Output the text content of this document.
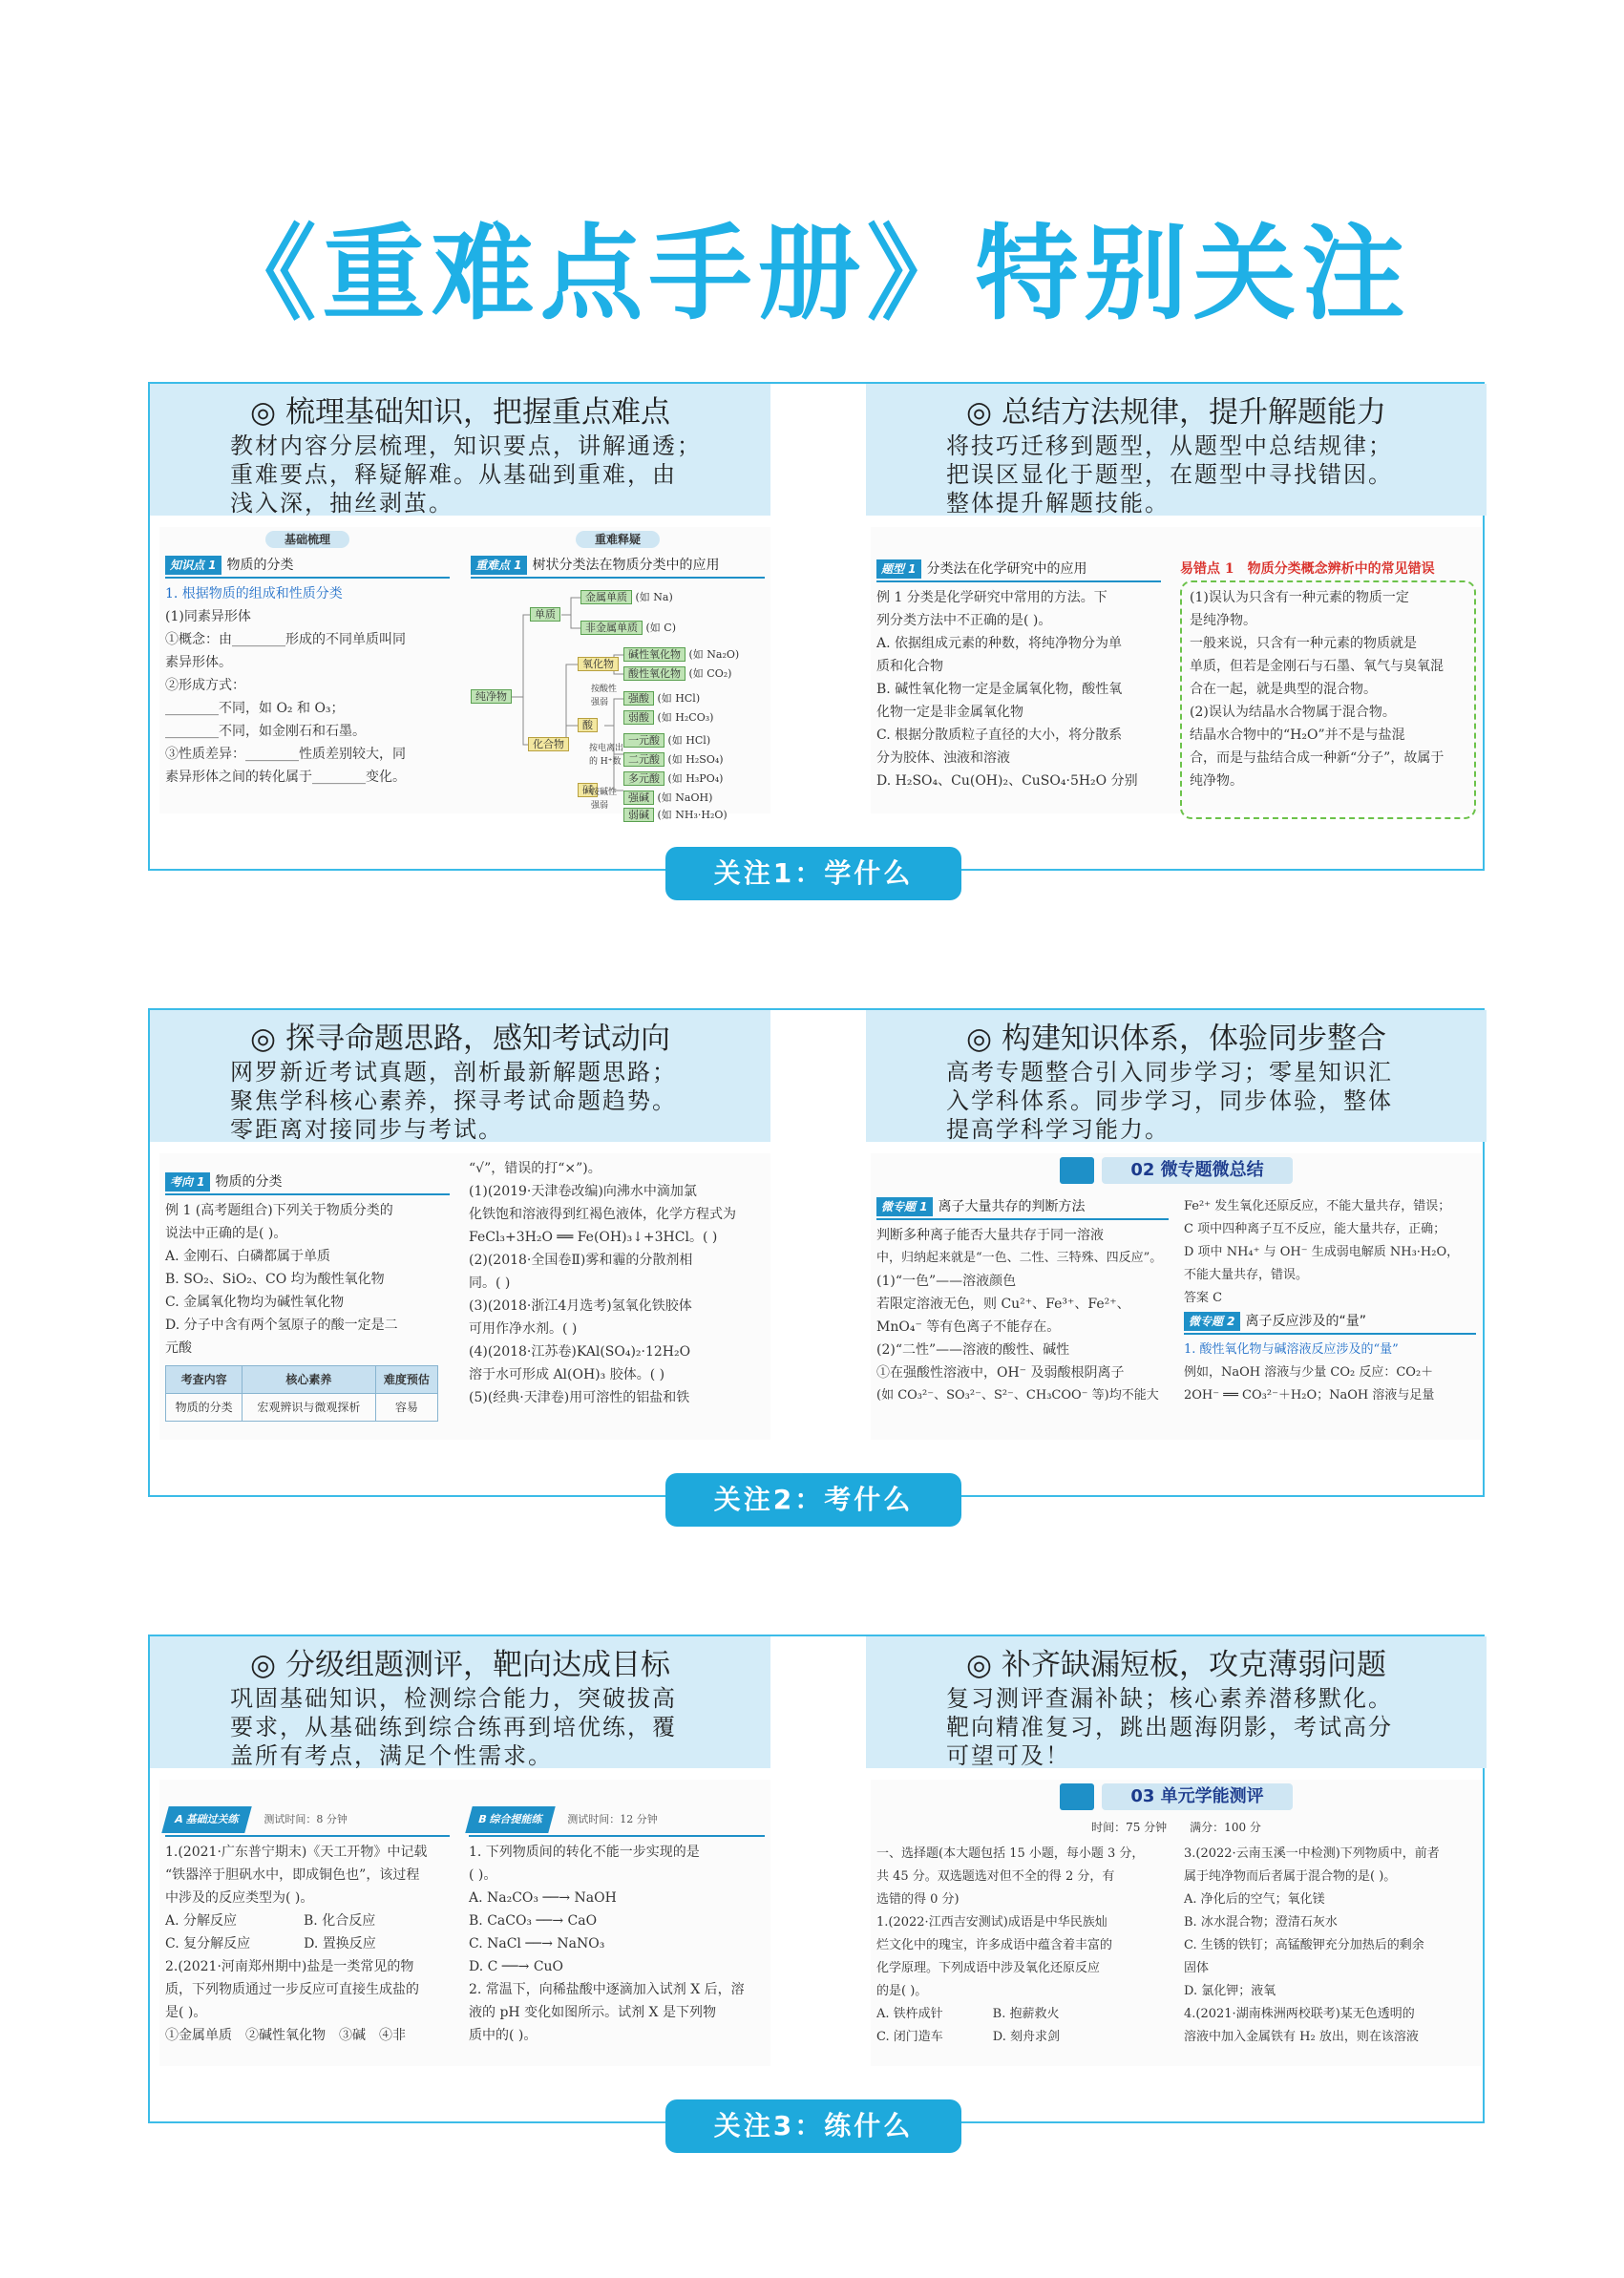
《重难点手册》特别关注
◎ 梳理基础知识，把握重点难点
教材内容分层梳理，知识要点，讲解通透；
重难要点，释疑解难。从基础到重难，由
浅入深，抽丝剥茧。
◎ 总结方法规律，提升解题能力
将技巧迁移到题型，从题型中总结规律；
把误区显化于题型，在题型中寻找错因。
整体提升解题技能。
基础梳理
知识点 1 物质的分类
1. 根据物质的组成和性质分类
(1)同素异形体
①概念：由________形成的不同单质叫同
素异形体。
②形成方式：
________不同，如 O₂ 和 O₃；
________不同，如金刚石和石墨。
③性质差异：________性质差别较大，同
素异形体之间的转化属于________变化。
重难释疑
重难点 1 树状分类法在物质分类中的应用
纯净物
单质
化合物
金属单质 (如 Na)
非金属单质 (如 C)
氧化物
碱性氧化物 (如 Na₂O)
酸性氧化物 (如 CO₂)
酸
强酸 (如 HCl)
弱酸 (如 H₂CO₃)
一元酸 (如 HCl)
二元酸 (如 H₂SO₄)
多元酸 (如 H₃PO₄)
碱
强碱 (如 NaOH)
弱碱 (如 NH₃·H₂O)
按酸性
强弱
按电离出
的 H⁺数
按碱性
强弱
题型 1 分类法在化学研究中的应用
例 1 分类是化学研究中常用的方法。下
列分类方法中不正确的是( )。
A. 依据组成元素的种数，将纯净物分为单
质和化合物
B. 碱性氧化物一定是金属氧化物，酸性氧
化物一定是非金属氧化物
C. 根据分散质粒子直径的大小，将分散系
分为胶体、浊液和溶液
D. H₂SO₄、Cu(OH)₂、CuSO₄·5H₂O 分别
易错点 1　物质分类概念辨析中的常见错误
(1)误认为只含有一种元素的物质一定
是纯净物。
一般来说，只含有一种元素的物质就是
单质，但若是金刚石与石墨、氧气与臭氧混
合在一起，就是典型的混合物。
(2)误认为结晶水合物属于混合物。
结晶水合物中的“H₂O”并不是与盐混
合，而是与盐结合成一种新“分子”，故属于
纯净物。
关注1：学什么
◎ 探寻命题思路，感知考试动向
网罗新近考试真题，剖析最新解题思路；
聚焦学科核心素养，探寻考试命题趋势。
零距离对接同步与考试。
◎ 构建知识体系，体验同步整合
高考专题整合引入同步学习；零星知识汇
入学科体系。同步学习，同步体验，整体
提高学科学习能力。
考向 1 物质的分类
例 1 (高考题组合)下列关于物质分类的
说法中正确的是( )。
A. 金刚石、白磷都属于单质
B. SO₂、SiO₂、CO 均为酸性氧化物
C. 金属氧化物均为碱性氧化物
D. 分子中含有两个氢原子的酸一定是二
元酸
考查内容	核心素养	难度预估
物质的分类	宏观辨识与微观探析	容易
“√”，错误的打“×”)。
(1)(2019·天津卷改编)向沸水中滴加氯
化铁饱和溶液得到红褐色液体，化学方程式为
FeCl₃+3H₂O ══ Fe(OH)₃↓+3HCl。( )
(2)(2018·全国卷Ⅱ)雾和霾的分散剂相
同。( )
(3)(2018·浙江4月选考)氢氧化铁胶体
可用作净水剂。( )
(4)(2018·江苏卷)KAl(SO₄)₂·12H₂O
溶于水可形成 Al(OH)₃ 胶体。( )
(5)(经典·天津卷)用可溶性的铝盐和铁
02 微专题微总结
微专题 1 离子大量共存的判断方法
判断多种离子能否大量共存于同一溶液
中，归纳起来就是“一色、二性、三特殊、四反应”。
(1)“一色”——溶液颜色
若限定溶液无色，则 Cu²⁺、Fe³⁺、Fe²⁺、
MnO₄⁻ 等有色离子不能存在。
(2)“二性”——溶液的酸性、碱性
①在强酸性溶液中，OH⁻ 及弱酸根阴离子
(如 CO₃²⁻、SO₃²⁻、S²⁻、CH₃COO⁻ 等)均不能大
Fe²⁺ 发生氧化还原反应，不能大量共存，错误；
C 项中四种离子互不反应，能大量共存，正确；
D 项中 NH₄⁺ 与 OH⁻ 生成弱电解质 NH₃·H₂O，
不能大量共存，错误。
答案 C
微专题 2 离子反应涉及的“量”
1. 酸性氧化物与碱溶液反应涉及的“量”
例如，NaOH 溶液与少量 CO₂ 反应：CO₂＋
2OH⁻ ══ CO₃²⁻＋H₂O；NaOH 溶液与足量
关注2：考什么
◎ 分级组题测评，靶向达成目标
巩固基础知识，检测综合能力，突破拔高
要求，从基础练到综合练再到培优练，覆
盖所有考点，满足个性需求。
◎ 补齐缺漏短板，攻克薄弱问题
复习测评查漏补缺；核心素养潜移默化。
靶向精准复习，跳出题海阴影，考试高分
可望可及！
A 基础过关练	测试时间：8 分钟
1.(2021·广东普宁期末)《天工开物》中记载
“铁器淬于胆矾水中，即成铜色也”，该过程
中涉及的反应类型为( )。
A. 分解反应　　　　　B. 化合反应
C. 复分解反应　　　　D. 置换反应
2.(2021·河南郑州期中)盐是一类常见的物
质，下列物质通过一步反应可直接生成盐的
是( )。
①金属单质　②碱性氧化物　③碱　④非
B 综合提能练	测试时间：12 分钟
1. 下列物质间的转化不能一步实现的是
( )。
A. Na₂CO₃ ──→ NaOH
B. CaCO₃ ──→ CaO
C. NaCl ──→ NaNO₃
D. C ──→ CuO
2. 常温下，向稀盐酸中逐滴加入试剂 X 后，溶
液的 pH 变化如图所示。试剂 X 是下列物
质中的( )。
03 单元学能测评
时间：75 分钟　　满分：100 分
一、选择题(本大题包括 15 小题，每小题 3 分，
共 45 分。双选题选对但不全的得 2 分，有
选错的得 0 分)
1.(2022·江西吉安测试)成语是中华民族灿
烂文化中的瑰宝，许多成语中蕴含着丰富的
化学原理。下列成语中涉及氧化还原反应
的是( )。
A. 铁杵成针　　　　B. 抱薪救火
C. 闭门造车　　　　D. 刻舟求剑
3.(2022·云南玉溪一中检测)下列物质中，前者
属于纯净物而后者属于混合物的是( )。
A. 净化后的空气；氧化镁
B. 冰水混合物；澄清石灰水
C. 生锈的铁钉；高锰酸钾充分加热后的剩余
固体
D. 氯化钾；液氧
4.(2021·湖南株洲两校联考)某无色透明的
溶液中加入金属铁有 H₂ 放出，则在该溶液
关注3：练什么
